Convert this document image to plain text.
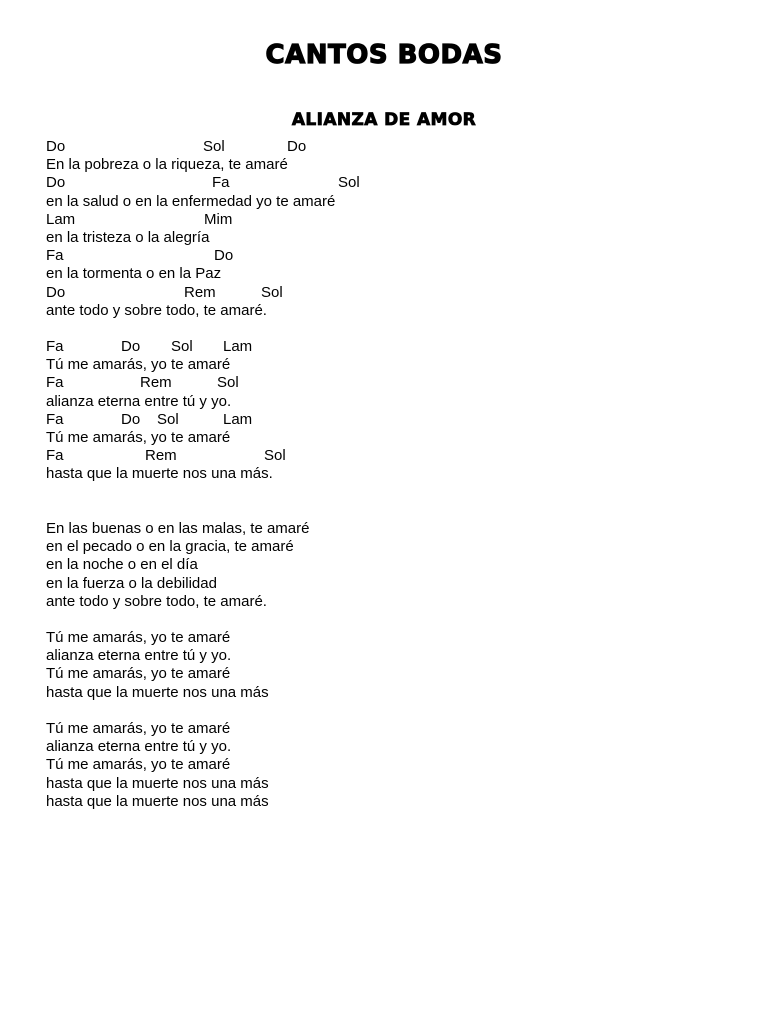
CANTOS BODAS
ALIANZA DE AMOR

Do

	Sol

	Do

En la pobreza o la riqueza, te amaré

Do

	Fa

	Sol

en la salud o en la enfermedad yo te amaré

Lam

	Mim

en la tristeza o la alegría

Fa

	Do

en la tormenta o en la Paz

Do

	Rem

	Sol

ante todo y sobre todo, te amaré.

Fa

	Do

Sol

Lam

Tú me amarás, yo te amaré

Fa

	Rem

	Sol

alianza eterna entre tú y yo.

Fa

	Do

Sol

	Lam

Tú me amarás, yo te amaré

Fa

	Rem

	Sol

hasta que la muerte nos una más.
En las buenas o en las malas, te amaré
en el pecado o en la gracia, te amaré
en la noche o en el día
en la fuerza o la debilidad
ante todo y sobre todo, te amaré.
Tú me amarás, yo te amaré
alianza eterna entre tú y yo.
Tú me amarás, yo te amaré
hasta que la muerte nos una más
Tú me amarás, yo te amaré
alianza eterna entre tú y yo.
Tú me amarás, yo te amaré
hasta que la muerte nos una más
hasta que la muerte nos una más
